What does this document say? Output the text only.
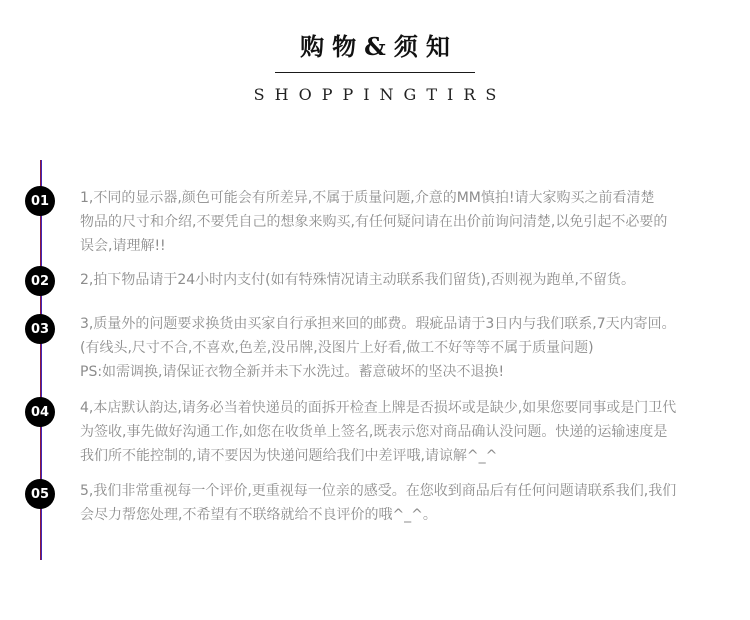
购物&须知
SHOPPINGTIRS
01
02
03
04
05
1,不同的显示器,颜色可能会有所差异,不属于质量问题,介意的MM慎拍!请大家购买之前看清楚
物品的尺寸和介绍,不要凭自己的想象来购买,有任何疑问请在出价前询问清楚,以免引起不必要的
误会,请理解!!
2,拍下物品请于24小时内支付(如有特殊情况请主动联系我们留货),否则视为跑单,不留货。
3,质量外的问题要求换货由买家自行承担来回的邮费。瑕疵品请于3日内与我们联系,7天内寄回。
(有线头,尺寸不合,不喜欢,色差,没吊牌,没图片上好看,做工不好等等不属于质量问题)
PS:如需调换,请保证衣物全新并未下水洗过。蓄意破坏的坚决不退换!
4,本店默认韵达,请务必当着快递员的面拆开检查上牌是否损坏或是缺少,如果您要同事或是门卫代
为签收,事先做好沟通工作,如您在收货单上签名,既表示您对商品确认没问题。快递的运输速度是
我们所不能控制的,请不要因为快递问题给我们中差评哦,请谅解^_^
5,我们非常重视每一个评价,更重视每一位亲的感受。在您收到商品后有任何问题请联系我们,我们
会尽力帮您处理,不希望有不联络就给不良评价的哦^_^。
